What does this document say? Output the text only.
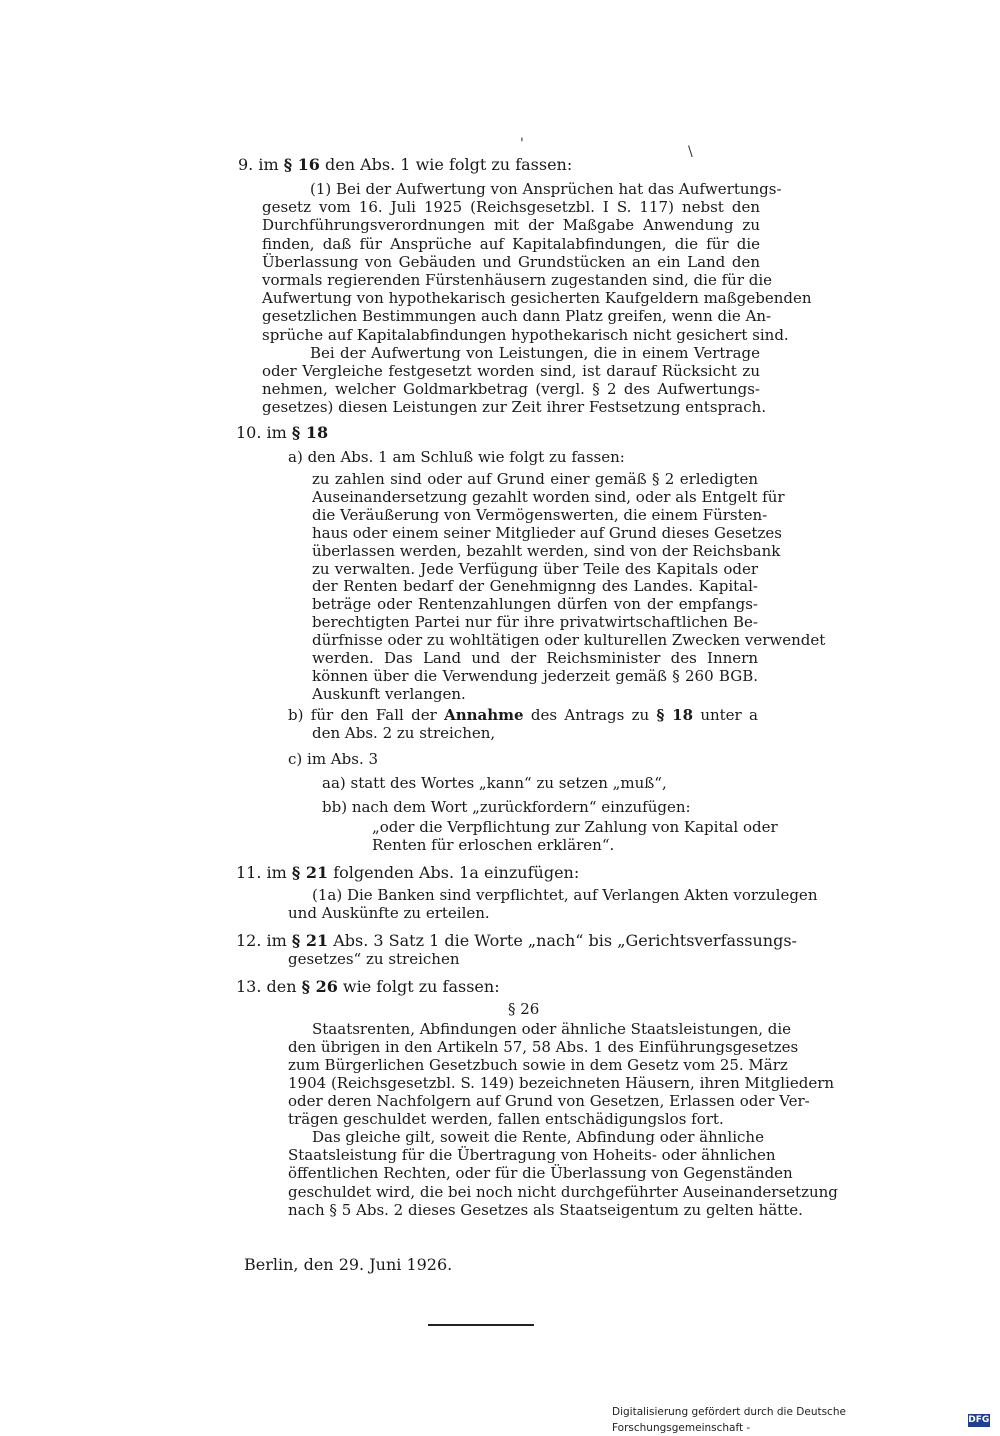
'	\
9. im § 16 den Abs. 1 wie folgt zu fassen:
(1) Bei der Aufwertung von Ansprüchen hat das Aufwertungs-
gesetz vom 16. Juli 1925 (Reichsgesetzbl. I S. 117) nebst den
Durchführungsverordnungen mit der Maßgabe Anwendung zu
finden, daß für Ansprüche auf Kapitalabfindungen, die für die
Überlassung von Gebäuden und Grundstücken an ein Land den
vormals regierenden Fürstenhäusern zugestanden sind, die für die
Aufwertung von hypothekarisch gesicherten Kaufgeldern maßgebenden
gesetzlichen Bestimmungen auch dann Platz greifen, wenn die An-
sprüche auf Kapitalabfindungen hypothekarisch nicht gesichert sind.
Bei der Aufwertung von Leistungen, die in einem Vertrage
oder Vergleiche festgesetzt worden sind, ist darauf Rücksicht zu
nehmen, welcher Goldmarkbetrag (vergl. § 2 des Aufwertungs-
gesetzes) diesen Leistungen zur Zeit ihrer Festsetzung entsprach.
10. im § 18
a) den Abs. 1 am Schluß wie folgt zu fassen:
zu zahlen sind oder auf Grund einer gemäß § 2 erledigten
Auseinandersetzung gezahlt worden sind, oder als Entgelt für
die Veräußerung von Vermögenswerten, die einem Fürsten-
haus oder einem seiner Mitglieder auf Grund dieses Gesetzes
überlassen werden, bezahlt werden, sind von der Reichsbank
zu verwalten. Jede Verfügung über Teile des Kapitals oder
der Renten bedarf der Genehmignng des Landes. Kapital-
beträge oder Rentenzahlungen dürfen von der empfangs-
berechtigten Partei nur für ihre privatwirtschaftlichen Be-
dürfnisse oder zu wohltätigen oder kulturellen Zwecken verwendet
werden. Das Land und der Reichsminister des Innern
können über die Verwendung jederzeit gemäß § 260 BGB.
Auskunft verlangen.
b) für den Fall der Annahme des Antrags zu § 18 unter a
den Abs. 2 zu streichen,
c) im Abs. 3
aa) statt des Wortes „kann“ zu setzen „muß“,
bb) nach dem Wort „zurückfordern“ einzufügen:
„oder die Verpflichtung zur Zahlung von Kapital oder
Renten für erloschen erklären“.
11. im § 21 folgenden Abs. 1a einzufügen:
(1a) Die Banken sind verpflichtet, auf Verlangen Akten vorzulegen
und Auskünfte zu erteilen.
12. im § 21 Abs. 3 Satz 1 die Worte „nach“ bis „Gerichtsverfassungs-
gesetzes“ zu streichen
13. den § 26 wie folgt zu fassen:
§ 26
Staatsrenten, Abfindungen oder ähnliche Staatsleistungen, die
den übrigen in den Artikeln 57, 58 Abs. 1 des Einführungsgesetzes
zum Bürgerlichen Gesetzbuch sowie in dem Gesetz vom 25. März
1904 (Reichsgesetzbl. S. 149) bezeichneten Häusern, ihren Mitgliedern
oder deren Nachfolgern auf Grund von Gesetzen, Erlassen oder Ver-
trägen geschuldet werden, fallen entschädigungslos fort.
Das gleiche gilt, soweit die Rente, Abfindung oder ähnliche
Staatsleistung für die Übertragung von Hoheits- oder ähnlichen
öffentlichen Rechten, oder für die Überlassung von Gegenständen
geschuldet wird, die bei noch nicht durchgeführter Auseinandersetzung
nach § 5 Abs. 2 dieses Gesetzes als Staatseigentum zu gelten hätte.
Berlin, den 29. Juni 1926.
Digitalisierung gefördert durch die Deutsche Forschungsgemeinschaft -
DFG
